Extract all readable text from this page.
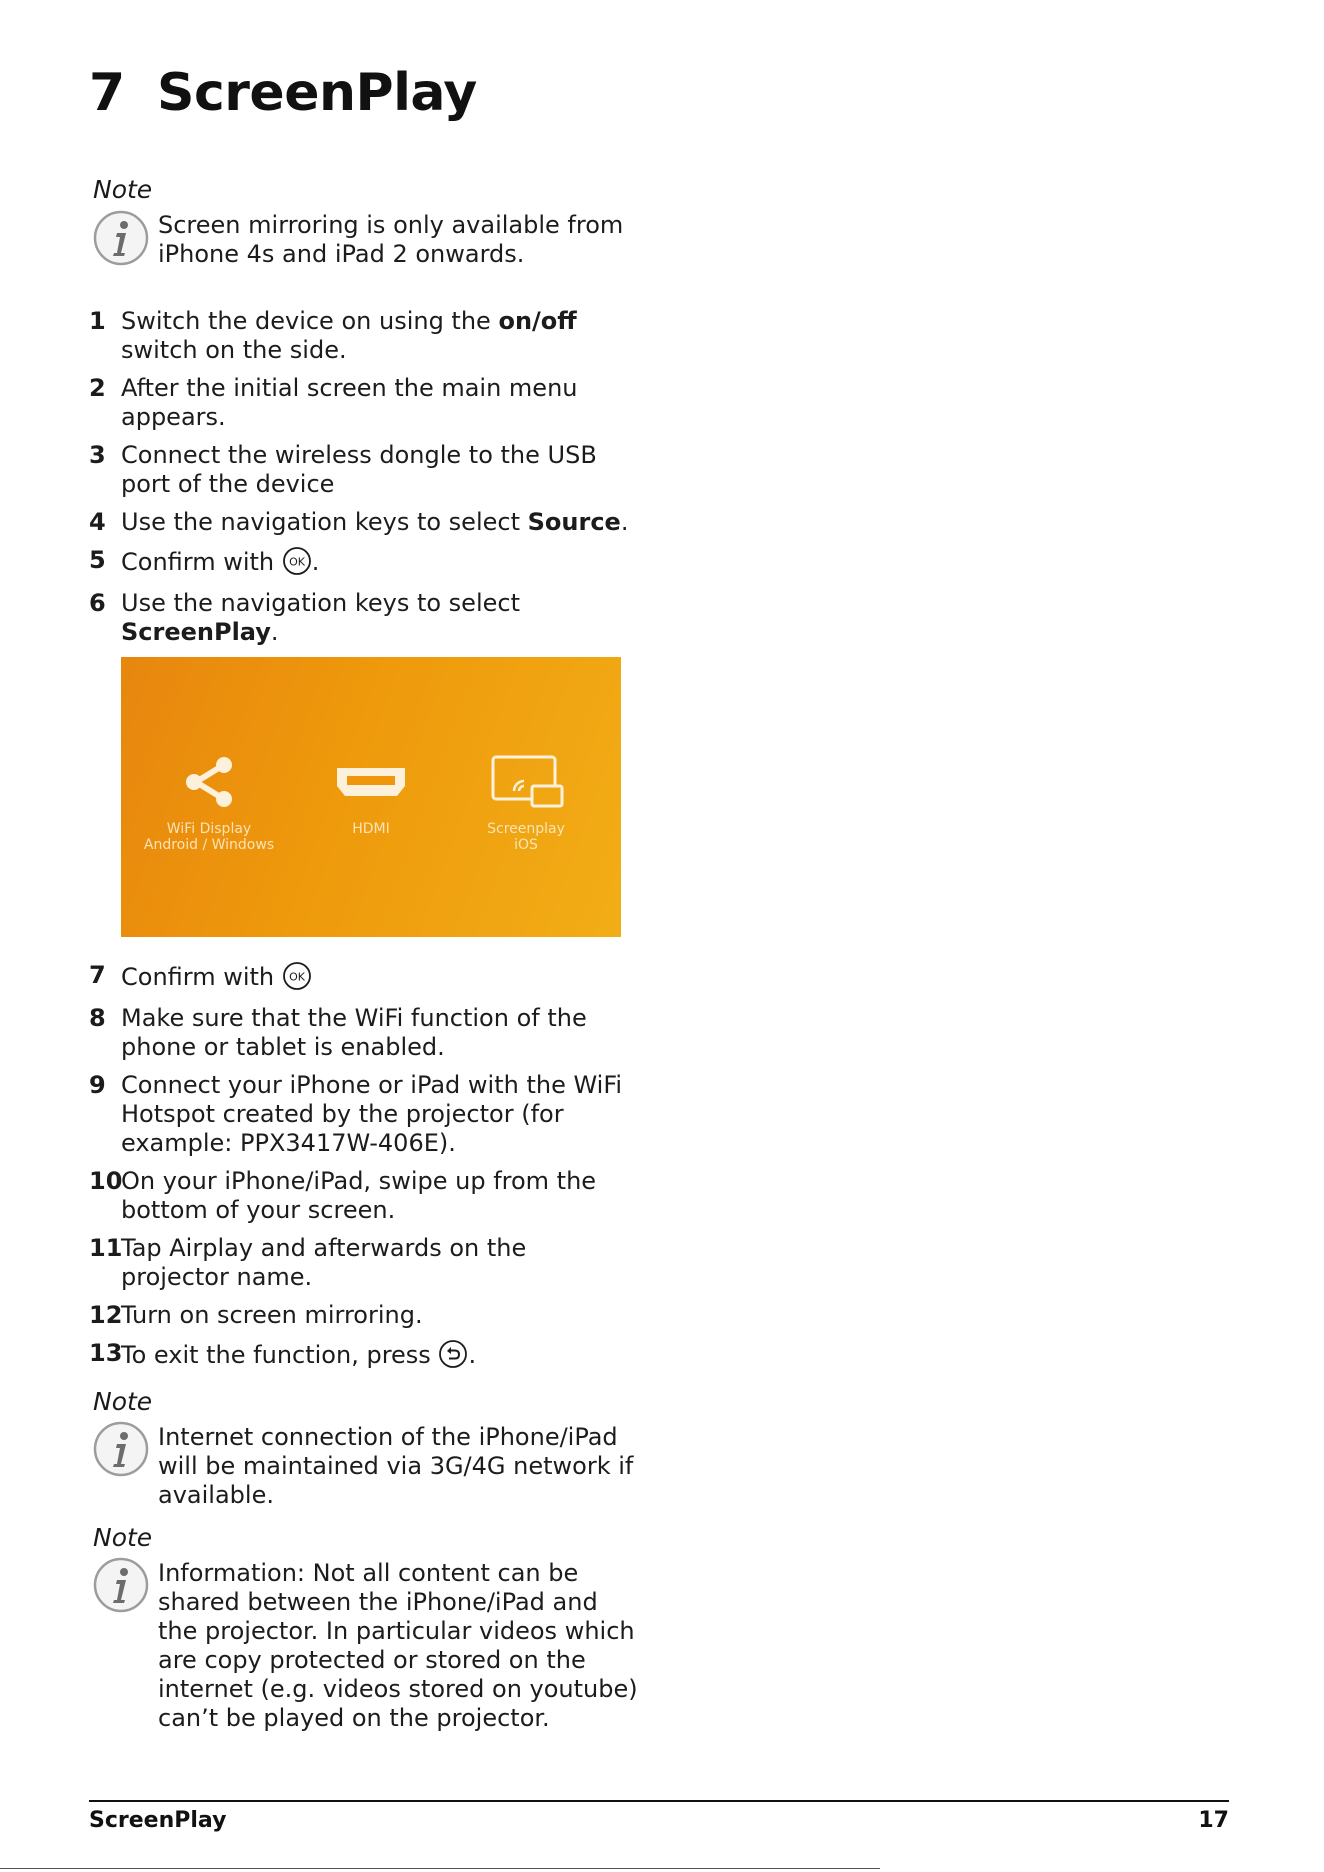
7 ScreenPlay
Note
Screen mirroring is only available from
iPhone 4s and iPad 2 onwards.
1 Switch the device on using the on/off
switch on the side.
2 After the initial screen the main menu
appears.
3 Connect the wireless dongle to the USB
port of the device
4 Use the navigation keys to select Source.
5 Confirm with OK .
6 Use the navigation keys to select
ScreenPlay.
7 Confirm with OK
8 Make sure that the WiFi function of the
phone or tablet is enabled.
9 Connect your iPhone or iPad with the WiFi
Hotspot created by the projector (for
example: PPX3417W-406E).
10
On your iPhone/iPad, swipe up from the
bottom of your screen.
11
Tap Airplay and afterwards on the
projector name.
12
Turn on screen mirroring.
13
To exit the function, press .
WiFi Display
Android / Windows
HDMI	Screenplay
iOS
Note
Internet connection of the iPhone/iPad
will be maintained via 3G/4G network if
available.
Note
Information: Not all content can be
shared between the iPhone/iPad and
the projector. In particular videos which
are copy protected or stored on the
internet (e.g. videos stored on youtube)
can’t be played on the projector.
ScreenPlay	17
